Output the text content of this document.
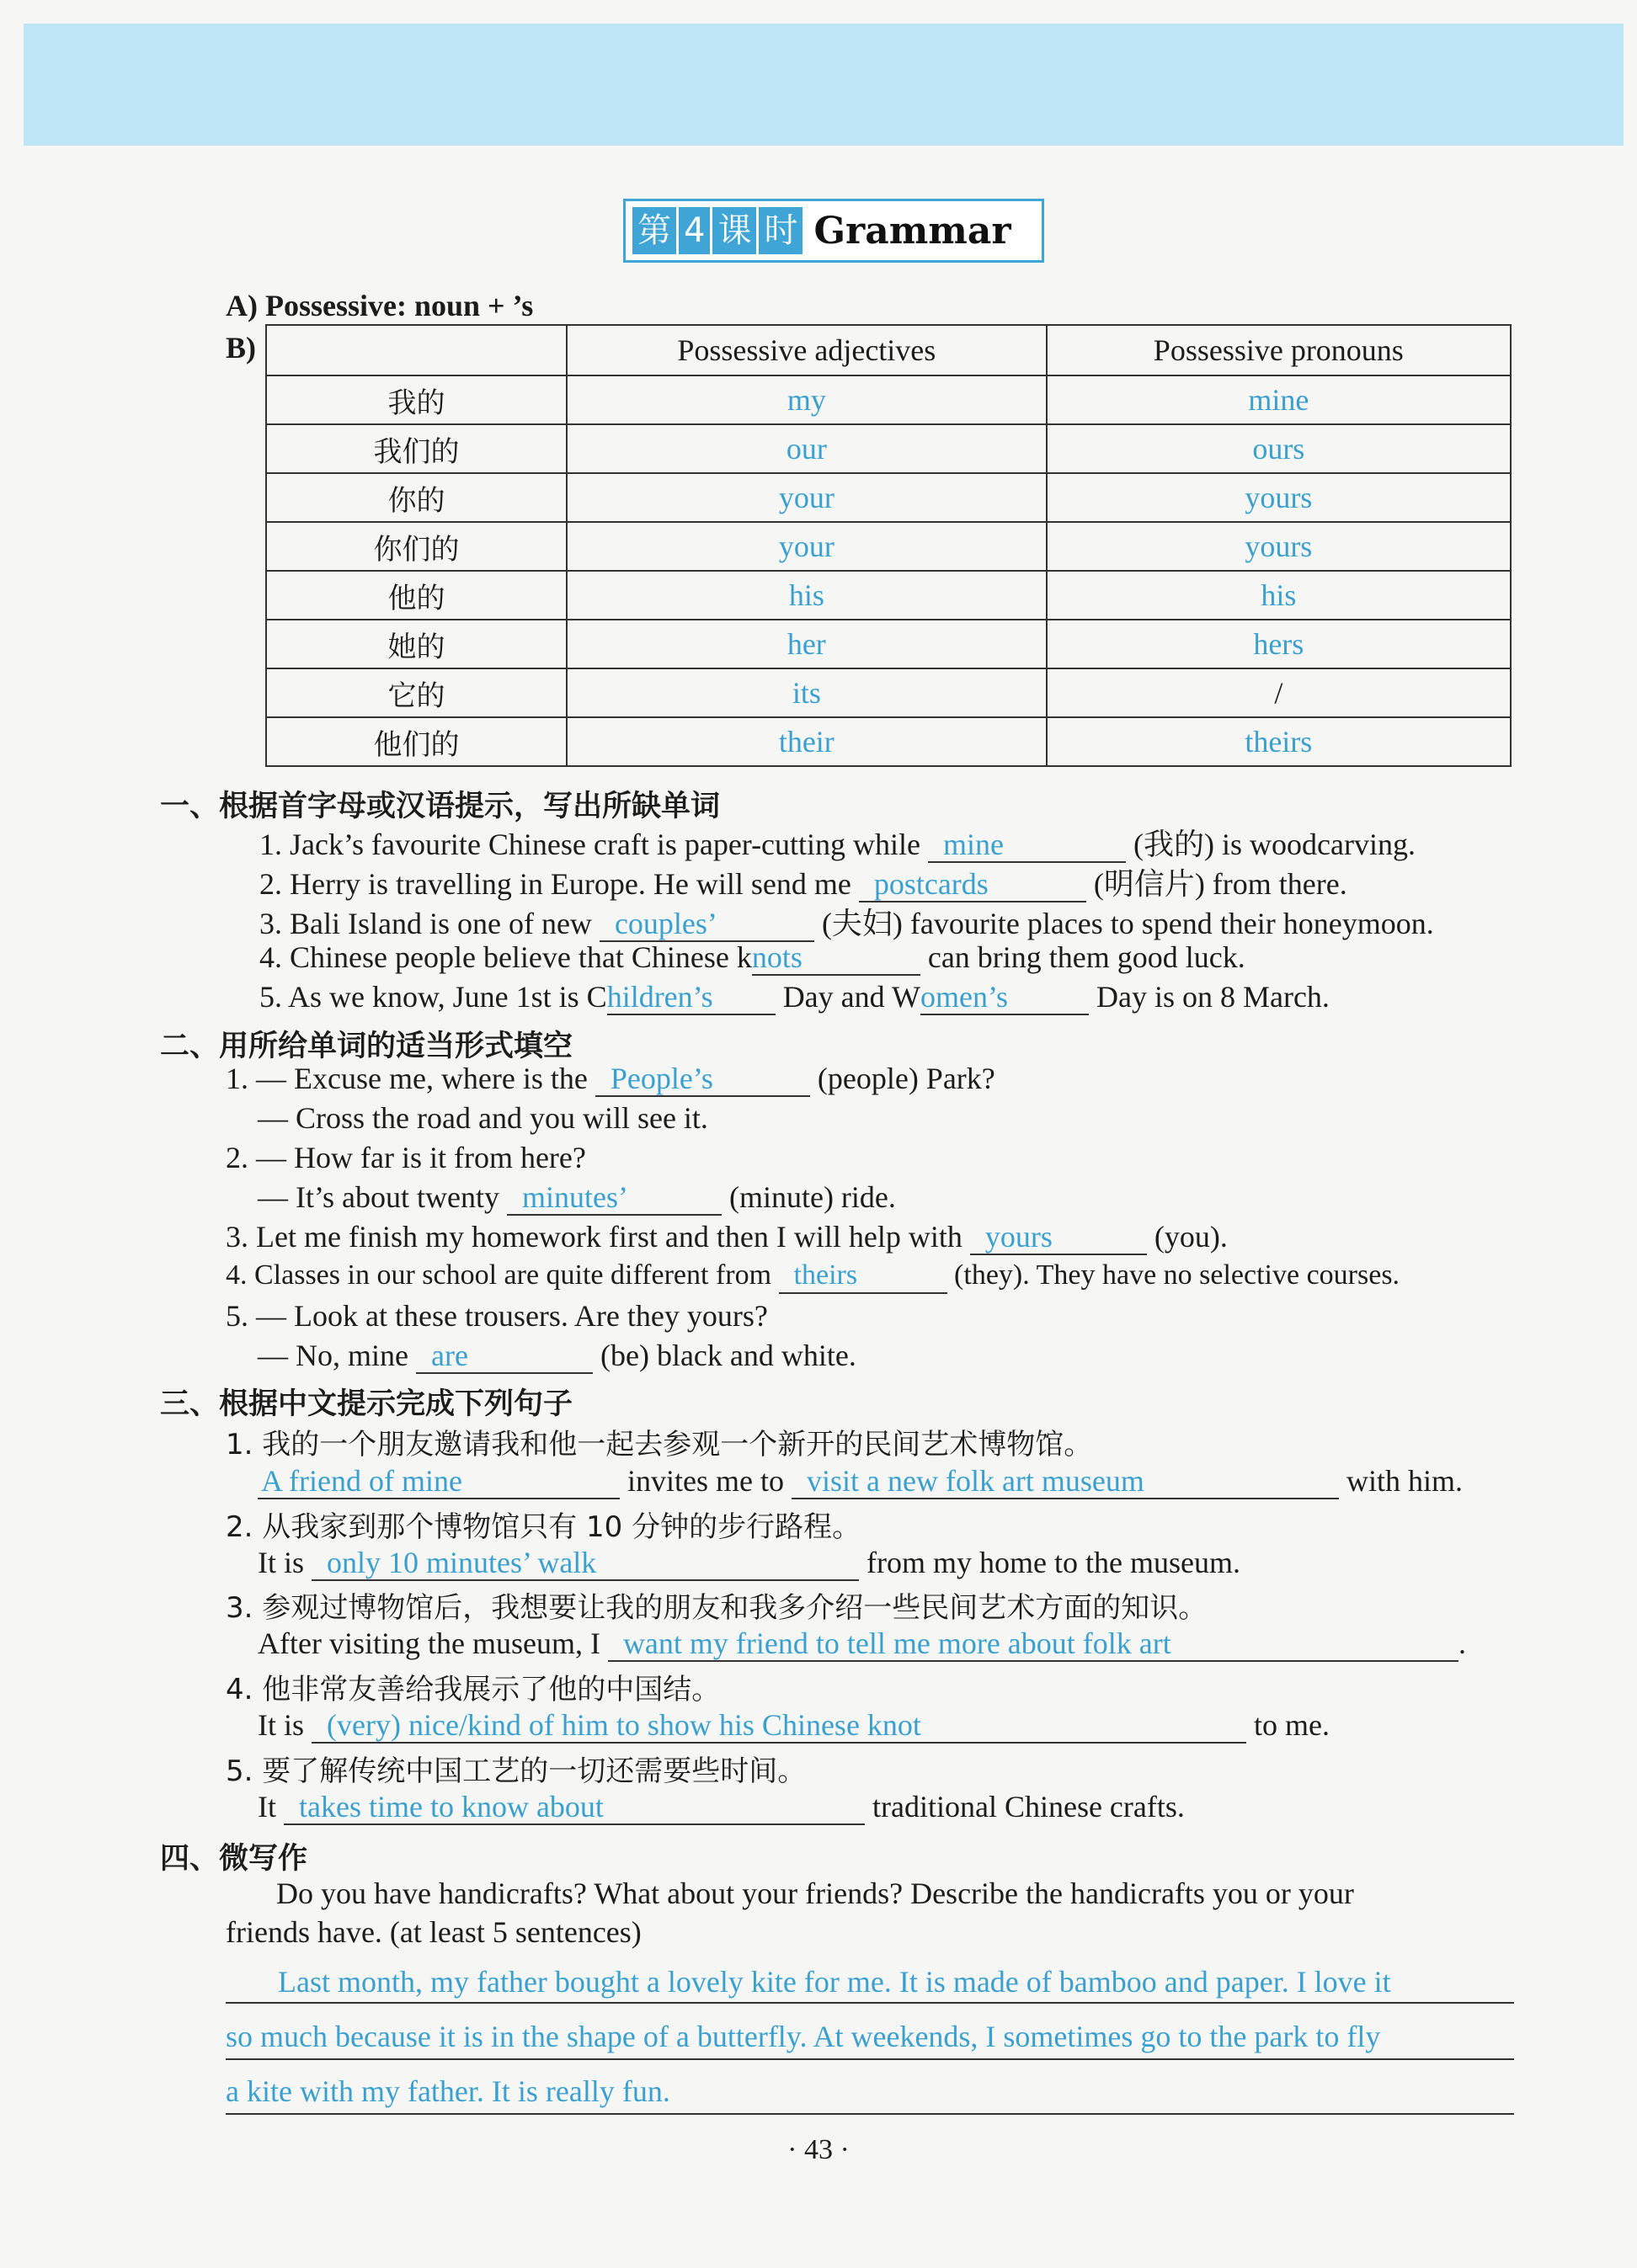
第 4 课 时 Grammar
A) Possessive: noun + ’s
B)
		Possessive adjectives	Possessive pronouns
我的	my	mine
我们的	our	ours
你的	your	yours
你们的	your	yours
他的	his	his
她的	her	hers
它的	its	/
他们的	their	theirs
一、根据首字母或汉语提示，写出所缺单词
1. Jack’s favourite Chinese craft is paper-cutting while mine	(我的) is woodcarving.
2. Herry is travelling in Europe. He will send me postcards	(明信片) from there.
3. Bali Island is one of new couples’	(夫妇) favourite places to spend their honeymoon.
4. Chinese people believe that Chinese knots	can bring them good luck.
5. As we know, June 1st is Children’s Day and Women’s	Day is on 8 March.
二、用所给单词的适当形式填空
1. — Excuse me, where is the People’s	(people) Park?
— Cross the road and you will see it.
2. — How far is it from here?
— It’s about twenty minutes’	(minute) ride.
3. Let me finish my homework first and then I will help with yours	(you).
4. Classes in our school are quite different from theirs	(they). They have no selective courses.
5. — Look at these trousers. Are they yours?
— No, mine are	(be) black and white.
三、根据中文提示完成下列句子
1. 我的一个朋友邀请我和他一起去参观一个新开的民间艺术博物馆。
A friend of mine	invites me to visit a new folk art museum	with him.
2. 从我家到那个博物馆只有 10 分钟的步行路程。
It is only 10 minutes’ walk	from my home to the museum.
3. 参观过博物馆后，我想要让我的朋友和我多介绍一些民间艺术方面的知识。
After visiting the museum, I want my friend to tell me more about folk art	.
4. 他非常友善给我展示了他的中国结。
It is (very) nice/kind of him to show his Chinese knot	to me.
5. 要了解传统中国工艺的一切还需要些时间。
It takes time to know about	traditional Chinese crafts.
四、微写作
Do you have handicrafts? What about your friends? Describe the handicrafts you or your
friends have. (at least 5 sentences)
Last month, my father bought a lovely kite for me. It is made of bamboo and paper. I love it
so much because it is in the shape of a butterfly. At weekends, I sometimes go to the park to fly
a kite with my father. It is really fun.
· 43 ·
